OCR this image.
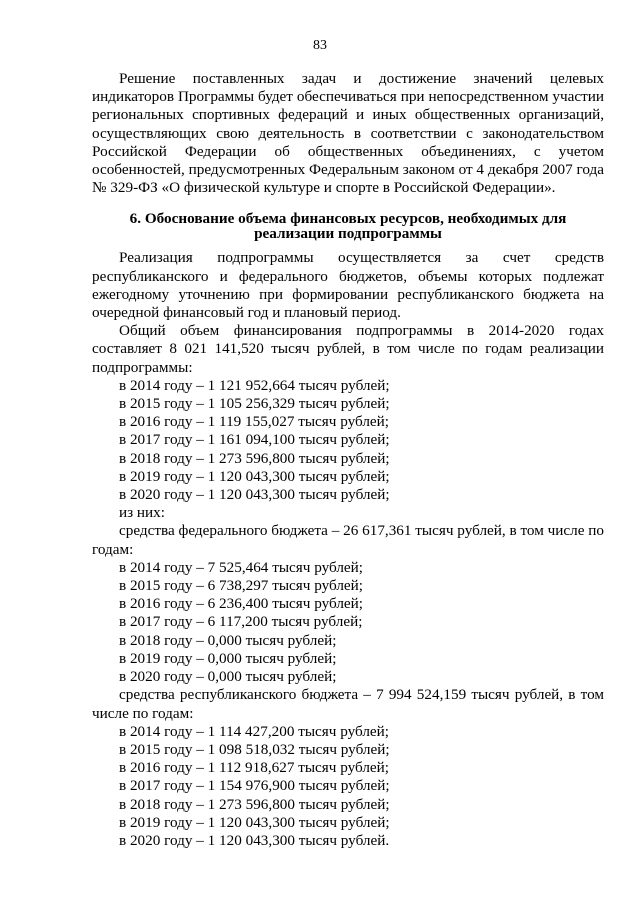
83

Решение поставленных задач и достижение значений целевых индикаторов Программы будет обеспечиваться при непосредственном участии региональных спортивных федераций и иных общественных организаций, осуществляющих свою деятельность в соответствии с законодательством Российской Федерации об общественных объединениях, с учетом особенностей, предусмотренных Федеральным законом от 4 декабря 2007 года № 329-ФЗ «О физической культуре и спорте в Российской Федерации».

6. Обоснование объема финансовых ресурсов, необходимых для реализации подпрограммы

Реализация подпрограммы осуществляется за счет средств республиканского и федерального бюджетов, объемы которых подлежат ежегодному уточнению при формировании республиканского бюджета на очередной финансовый год и плановый период.

Общий объем финансирования подпрограммы в 2014-2020 годах составляет 8 021 141,520 тысяч рублей, в том числе по годам реализации подпрограммы:

в 2014 году – 1 121 952,664 тысяч рублей;

в 2015 году – 1 105 256,329 тысяч рублей;

в 2016 году – 1 119 155,027 тысяч рублей;

в 2017 году – 1 161 094,100 тысяч рублей;

в 2018 году – 1 273 596,800 тысяч рублей;

в 2019 году – 1 120 043,300 тысяч рублей;

в 2020 году – 1 120 043,300 тысяч рублей;

из них:

средства федерального бюджета – 26 617,361 тысяч рублей, в том числе по годам:

в 2014 году – 7 525,464 тысяч рублей;

в 2015 году – 6 738,297 тысяч рублей;

в 2016 году – 6 236,400 тысяч рублей;

в 2017 году – 6 117,200 тысяч рублей;

в 2018 году – 0,000 тысяч рублей;

в 2019 году – 0,000 тысяч рублей;

в 2020 году – 0,000 тысяч рублей;

средства республиканского бюджета – 7 994 524,159 тысяч рублей, в том числе по годам:

в 2014 году – 1 114 427,200 тысяч рублей;

в 2015 году – 1 098 518,032 тысяч рублей;

в 2016 году – 1 112 918,627 тысяч рублей;

в 2017 году – 1 154 976,900 тысяч рублей;

в 2018 году – 1 273 596,800 тысяч рублей;

в 2019 году – 1 120 043,300 тысяч рублей;

в 2020 году – 1 120 043,300 тысяч рублей.
